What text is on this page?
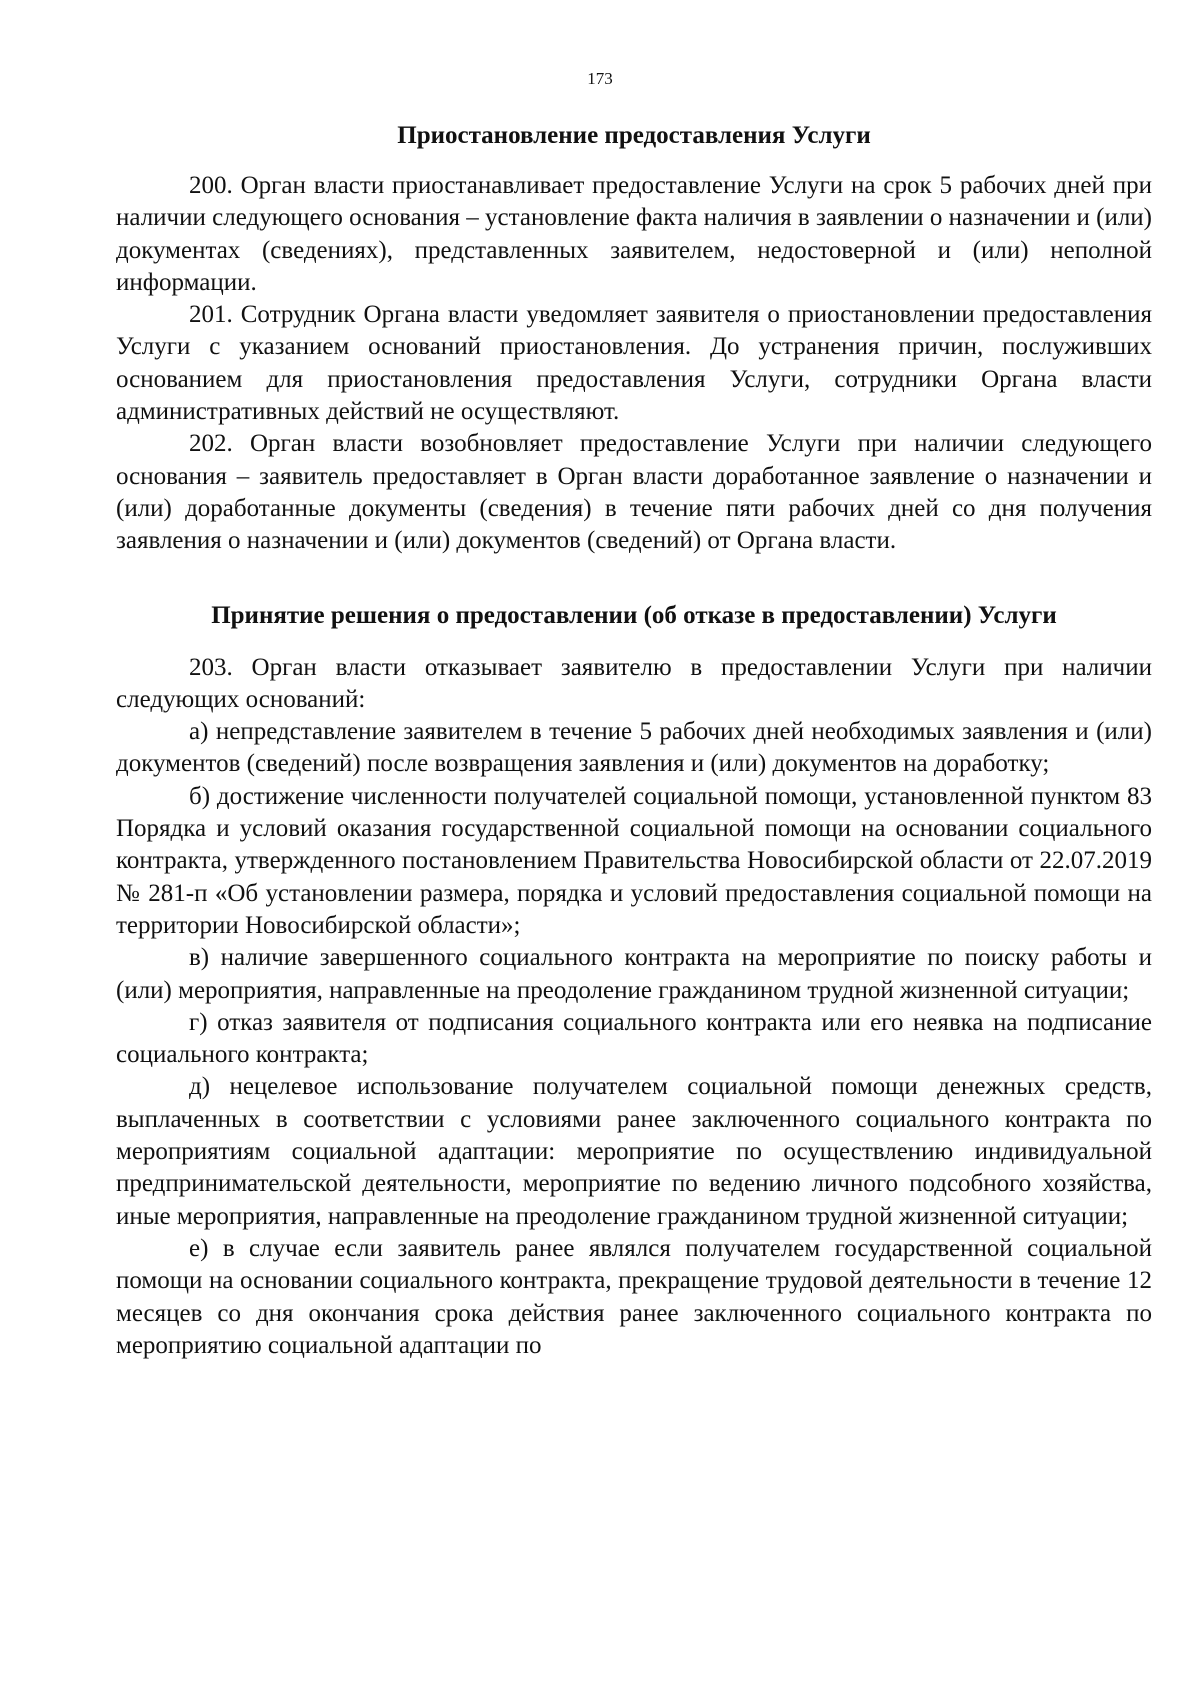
173
Приостановление предоставления Услуги

200. Орган власти приостанавливает предоставление Услуги на срок 5 рабочих дней при наличии следующего основания – установление факта наличия в заявлении о назначении и (или) документах (сведениях), представленных заявителем, недостоверной и (или) неполной информации.

201. Сотрудник Органа власти уведомляет заявителя о приостановлении предоставления Услуги с указанием оснований приостановления. До устранения причин, послуживших основанием для приостановления предоставления Услуги, сотрудники Органа власти административных действий не осуществляют.

202. Орган власти возобновляет предоставление Услуги при наличии следующего основания – заявитель предоставляет в Орган власти доработанное заявление о назначении и (или) доработанные документы (сведения) в течение пяти рабочих дней со дня получения заявления о назначении и (или) документов (сведений) от Органа власти.

Принятие решения о предоставлении (об отказе в предоставлении) Услуги

203. Орган власти отказывает заявителю в предоставлении Услуги при наличии следующих оснований:

а) непредставление заявителем в течение 5 рабочих дней необходимых заявления и (или) документов (сведений) после возвращения заявления и (или) документов на доработку;

б) достижение численности получателей социальной помощи, установленной пунктом 83 Порядка и условий оказания государственной социальной помощи на основании социального контракта, утвержденного постановлением Правительства Новосибирской области от 22.07.2019 № 281-п «Об установлении размера, порядка и условий предоставления социальной помощи на территории Новосибирской области»;

в) наличие завершенного социального контракта на мероприятие по поиску работы и (или) мероприятия, направленные на преодоление гражданином трудной жизненной ситуации;

г) отказ заявителя от подписания социального контракта или его неявка на подписание социального контракта;

д) нецелевое использование получателем социальной помощи денежных средств, выплаченных в соответствии с условиями ранее заключенного социального контракта по мероприятиям социальной адаптации: мероприятие по осуществлению индивидуальной предпринимательской деятельности, мероприятие по ведению личного подсобного хозяйства, иные мероприятия, направленные на преодоление гражданином трудной жизненной ситуации;

е) в случае если заявитель ранее являлся получателем государственной социальной помощи на основании социального контракта, прекращение трудовой деятельности в течение 12 месяцев со дня окончания срока действия ранее заключенного социального контракта по мероприятию социальной адаптации по
